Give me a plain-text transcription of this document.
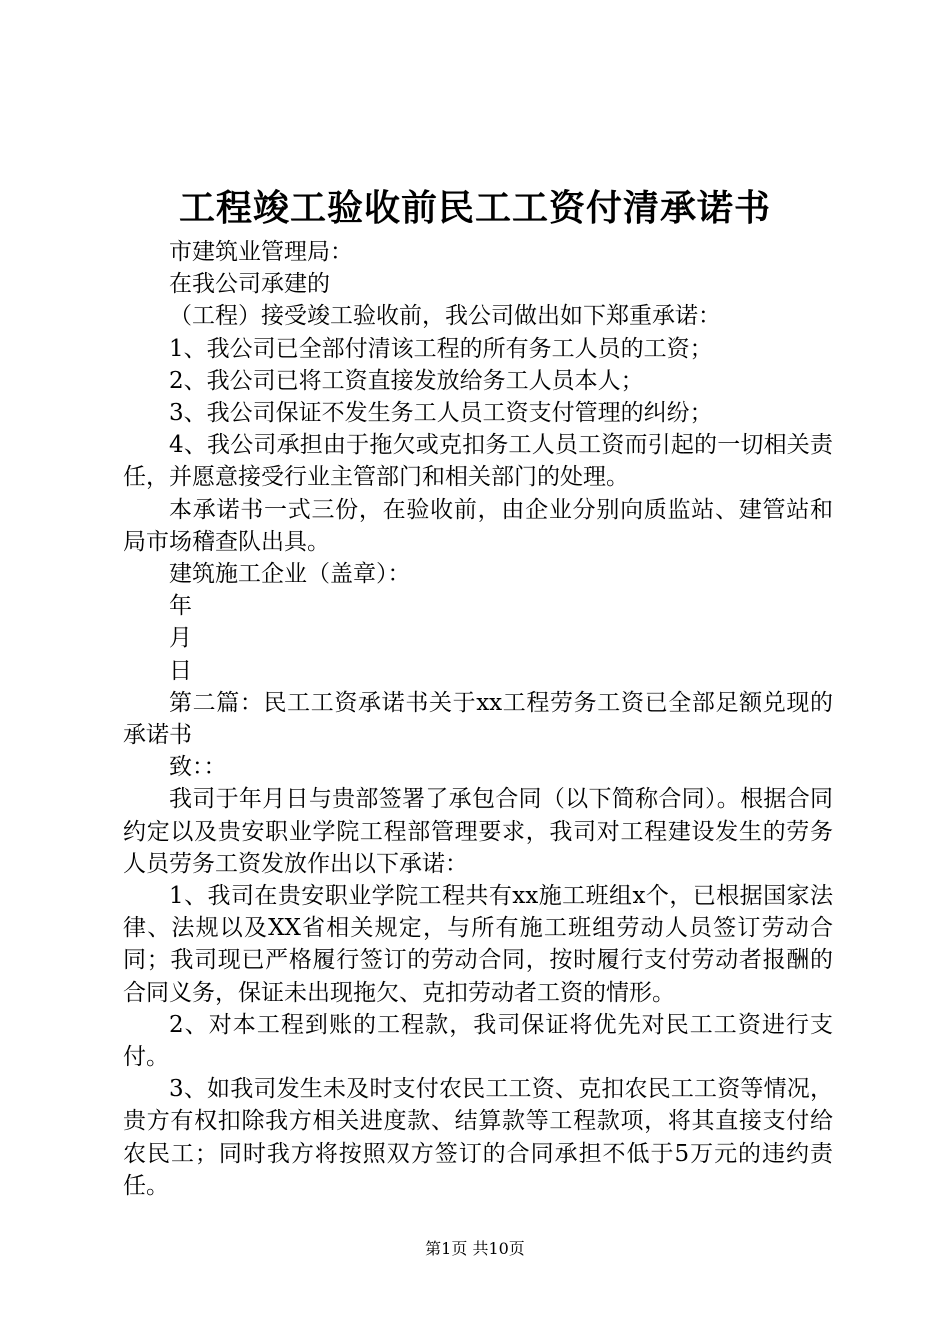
工程竣工验收前民工工资付清承诺书

市建筑业管理局：

在我公司承建的

（工程）接受竣工验收前，我公司做出如下郑重承诺：

1、我公司已全部付清该工程的所有务工人员的工资；

2、我公司已将工资直接发放给务工人员本人；

3、我公司保证不发生务工人员工资支付管理的纠纷；

4、我公司承担由于拖欠或克扣务工人员工资而引起的一切相关责任，并愿意接受行业主管部门和相关部门的处理。

本承诺书一式三份，在验收前，由企业分别向质监站、建管站和局市场稽查队出具。

建筑施工企业（盖章）：

年

月

日

第二篇：民工工资承诺书关于xx工程劳务工资已全部足额兑现的承诺书

致：：

我司于年月日与贵部签署了承包合同（以下简称合同）。根据合同约定以及贵安职业学院工程部管理要求，我司对工程建设发生的劳务人员劳务工资发放作出以下承诺：

1、我司在贵安职业学院工程共有xx施工班组x个，已根据国家法律、法规以及XX省相关规定，与所有施工班组劳动人员签订劳动合同；我司现已严格履行签订的劳动合同，按时履行支付劳动者报酬的合同义务，保证未出现拖欠、克扣劳动者工资的情形。

2、对本工程到账的工程款，我司保证将优先对民工工资进行支付。

3、如我司发生未及时支付农民工工资、克扣农民工工资等情况，贵方有权扣除我方相关进度款、结算款等工程款项，将其直接支付给农民工；同时我方将按照双方签订的合同承担不低于5万元的违约责任。

第1页 共10页
